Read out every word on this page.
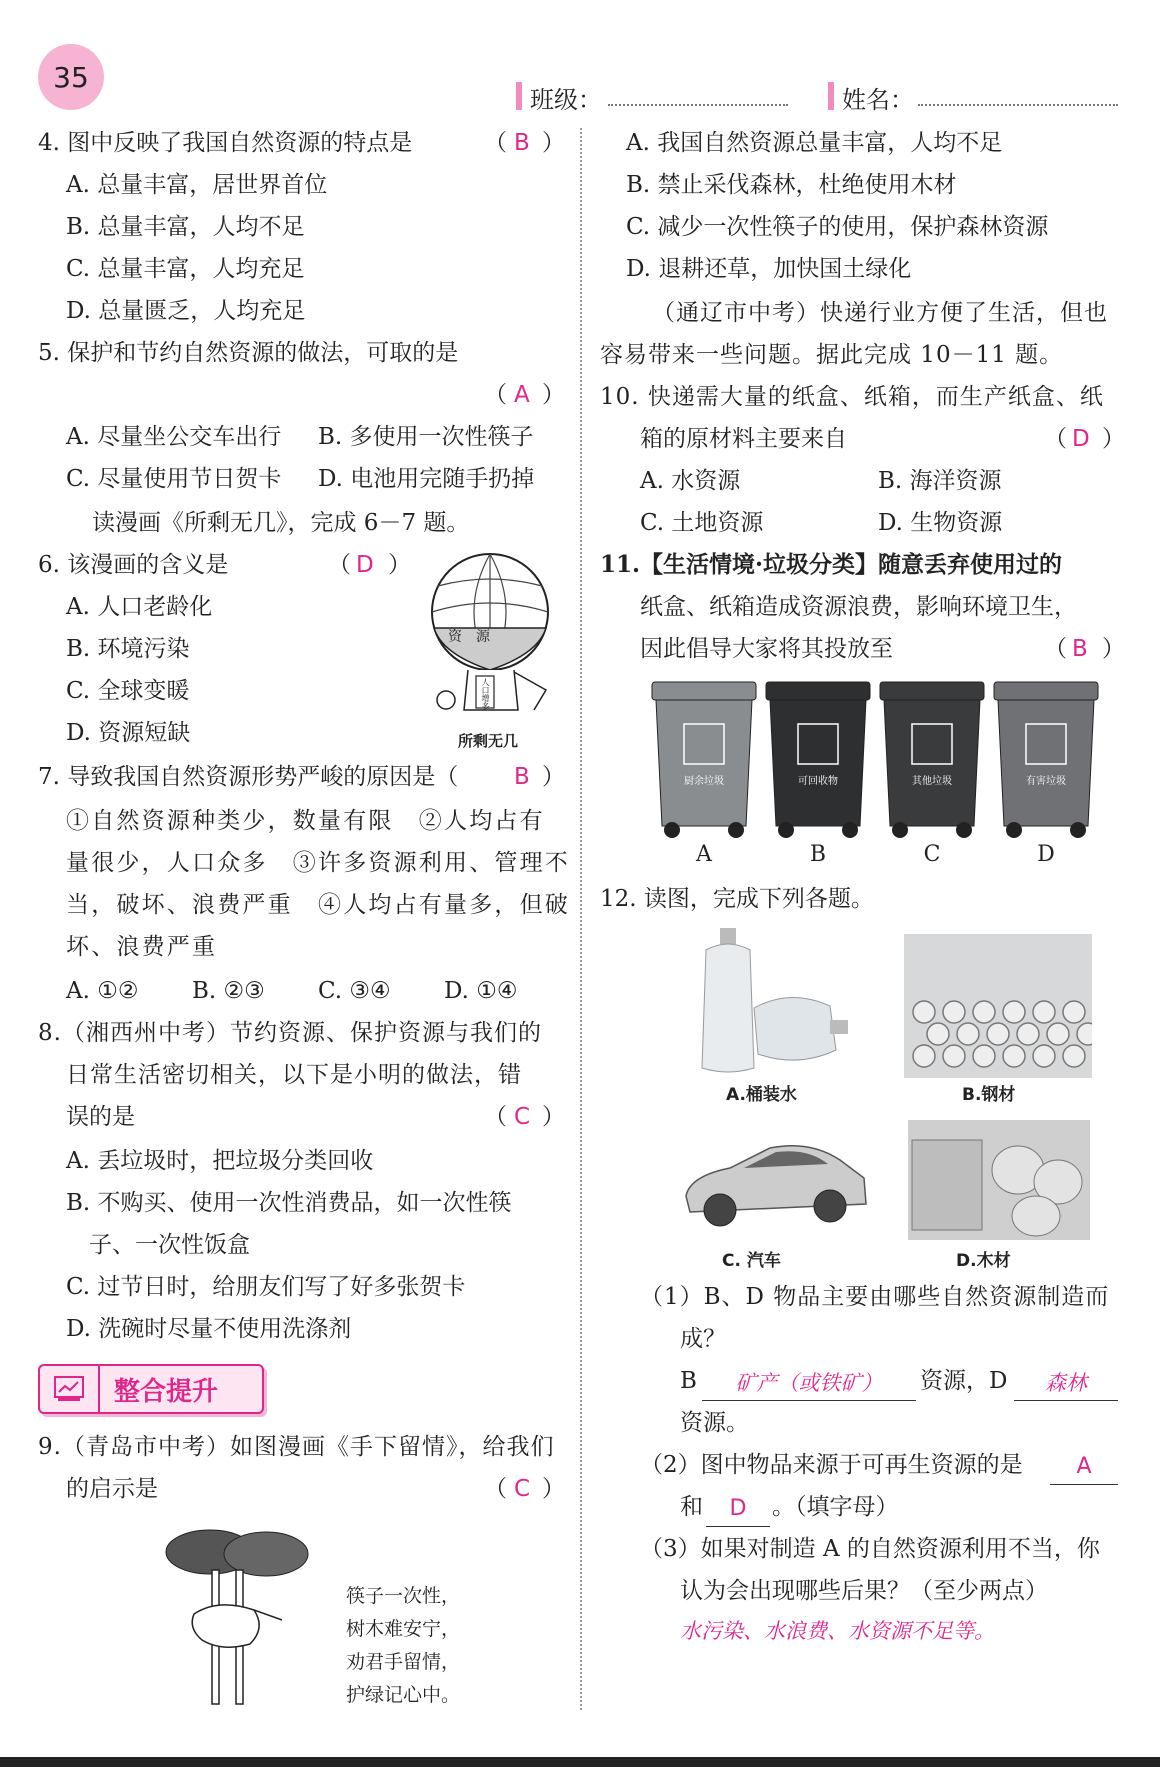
35
班级：	姓名：
4. 图中反映了我国自然资源的特点是	（ B ）
A. 总量丰富，居世界首位
B. 总量丰富，人均不足
C. 总量丰富，人均充足
D. 总量匮乏，人均充足
5. 保护和节约自然资源的做法，可取的是
（ A ）
A. 尽量坐公交车出行 B. 多使用一次性筷子
C. 尽量使用节日贺卡 D. 电池用完随手扔掉
读漫画《所剩无几》，完成 6－7 题。
6. 该漫画的含义是	（ D ）
A. 人口老龄化
B. 环境污染
C. 全球变暖
D. 资源短缺
资　源
人口增多
所剩无几
7. 导致我国自然资源形势严峻的原因是（ B ）
①自然资源种类少，数量有限　②人均占有
量很少，人口众多　③许多资源利用、管理不
当，破坏、浪费严重　④人均占有量多，但破
坏、浪费严重
A. ①② B. ②③ C. ③④ D. ①④
8.（湘西州中考）节约资源、保护资源与我们的
日常生活密切相关，以下是小明的做法，错
误的是	（ C ）
A. 丢垃圾时，把垃圾分类回收
B. 不购买、使用一次性消费品，如一次性筷
　子、一次性饭盒
C. 过节日时，给朋友们写了好多张贺卡
D. 洗碗时尽量不使用洗涤剂
整合提升
9.（青岛市中考）如图漫画《手下留情》，给我们
的启示是	（ C ）
筷子一次性，
树木难安宁，
劝君手留情，
护绿记心中。
A. 我国自然资源总量丰富，人均不足
B. 禁止采伐森林，杜绝使用木材
C. 减少一次性筷子的使用，保护森林资源
D. 退耕还草，加快国土绿化
（通辽市中考）快递行业方便了生活，但也
容易带来一些问题。据此完成 10－11 题。
10. 快递需大量的纸盒、纸箱，而生产纸盒、纸
箱的原材料主要来自	（ D ）
A. 水资源	B. 海洋资源
C. 土地资源	D. 生物资源
11.【生活情境·垃圾分类】随意丢弃使用过的
纸盒、纸箱造成资源浪费，影响环境卫生，
因此倡导大家将其投放至	（ B ）
厨余垃圾
A
可回收物
B
其他垃圾
C
有害垃圾
D
12. 读图，完成下列各题。
A.桶装水	B.钢材
C. 汽车	D.木材
（1）B、D 物品主要由哪些自然资源制造而
成？
B	矿产（或铁矿）	资源，D	森林
资源。
（2）图中物品来源于可再生资源的是	A
和	D	。（填字母）
（3）如果对制造 A 的自然资源利用不当，你
认为会出现哪些后果？（至少两点）
水污染、水浪费、水资源不足等。
